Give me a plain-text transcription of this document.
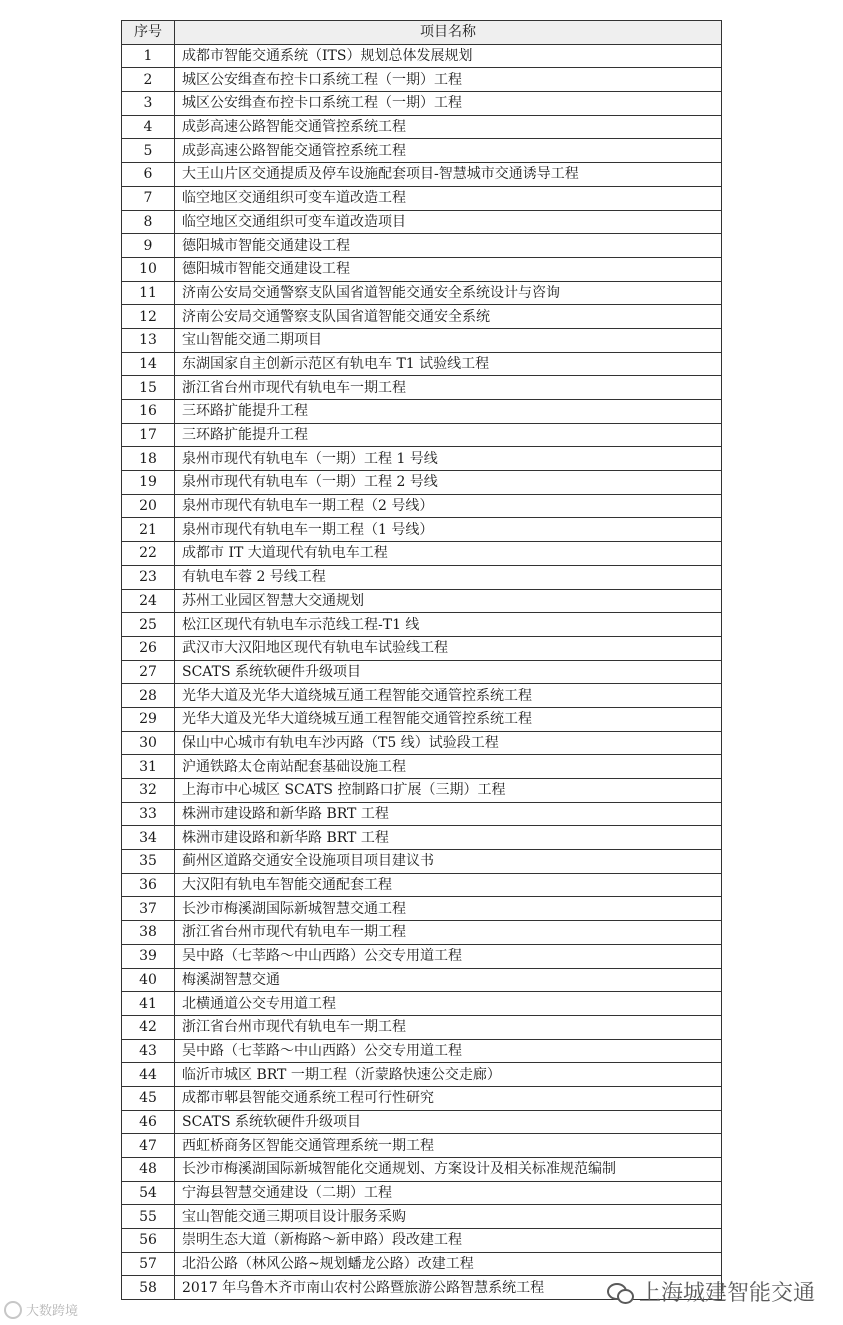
序号	项目名称
1	成都市智能交通系统（ITS）规划总体发展规划
2	城区公安缉查布控卡口系统工程（一期）工程
3	城区公安缉查布控卡口系统工程（一期）工程
4	成彭高速公路智能交通管控系统工程
5	成彭高速公路智能交通管控系统工程
6	大王山片区交通提质及停车设施配套项目-智慧城市交通诱导工程
7	临空地区交通组织可变车道改造工程
8	临空地区交通组织可变车道改造项目
9	德阳城市智能交通建设工程
10	德阳城市智能交通建设工程
11	济南公安局交通警察支队国省道智能交通安全系统设计与咨询
12	济南公安局交通警察支队国省道智能交通安全系统
13	宝山智能交通二期项目
14	东湖国家自主创新示范区有轨电车 T1 试验线工程
15	浙江省台州市现代有轨电车一期工程
16	三环路扩能提升工程
17	三环路扩能提升工程
18	泉州市现代有轨电车（一期）工程 1 号线
19	泉州市现代有轨电车（一期）工程 2 号线
20	泉州市现代有轨电车一期工程（2 号线）
21	泉州市现代有轨电车一期工程（1 号线）
22	成都市 IT 大道现代有轨电车工程
23	有轨电车蓉 2 号线工程
24	苏州工业园区智慧大交通规划
25	松江区现代有轨电车示范线工程-T1 线
26	武汉市大汉阳地区现代有轨电车试验线工程
27	SCATS 系统软硬件升级项目
28	光华大道及光华大道绕城互通工程智能交通管控系统工程
29	光华大道及光华大道绕城互通工程智能交通管控系统工程
30	保山中心城市有轨电车沙丙路（T5 线）试验段工程
31	沪通铁路太仓南站配套基础设施工程
32	上海市中心城区 SCATS 控制路口扩展（三期）工程
33	株洲市建设路和新华路 BRT 工程
34	株洲市建设路和新华路 BRT 工程
35	蓟州区道路交通安全设施项目项目建议书
36	大汉阳有轨电车智能交通配套工程
37	长沙市梅溪湖国际新城智慧交通工程
38	浙江省台州市现代有轨电车一期工程
39	吴中路（七莘路～中山西路）公交专用道工程
40	梅溪湖智慧交通
41	北横通道公交专用道工程
42	浙江省台州市现代有轨电车一期工程
43	吴中路（七莘路～中山西路）公交专用道工程
44	临沂市城区 BRT 一期工程（沂蒙路快速公交走廊）
45	成都市郫县智能交通系统工程可行性研究
46	SCATS 系统软硬件升级项目
47	西虹桥商务区智能交通管理系统一期工程
48	长沙市梅溪湖国际新城智能化交通规划、方案设计及相关标准规范编制
54	宁海县智慧交通建设（二期）工程
55	宝山智能交通三期项目设计服务采购
56	崇明生态大道（新梅路～新申路）段改建工程
57	北沿公路（林风公路~规划蟠龙公路）改建工程
58	2017 年乌鲁木齐市南山农村公路暨旅游公路智慧系统工程	上海城建智能交通
大数跨境
